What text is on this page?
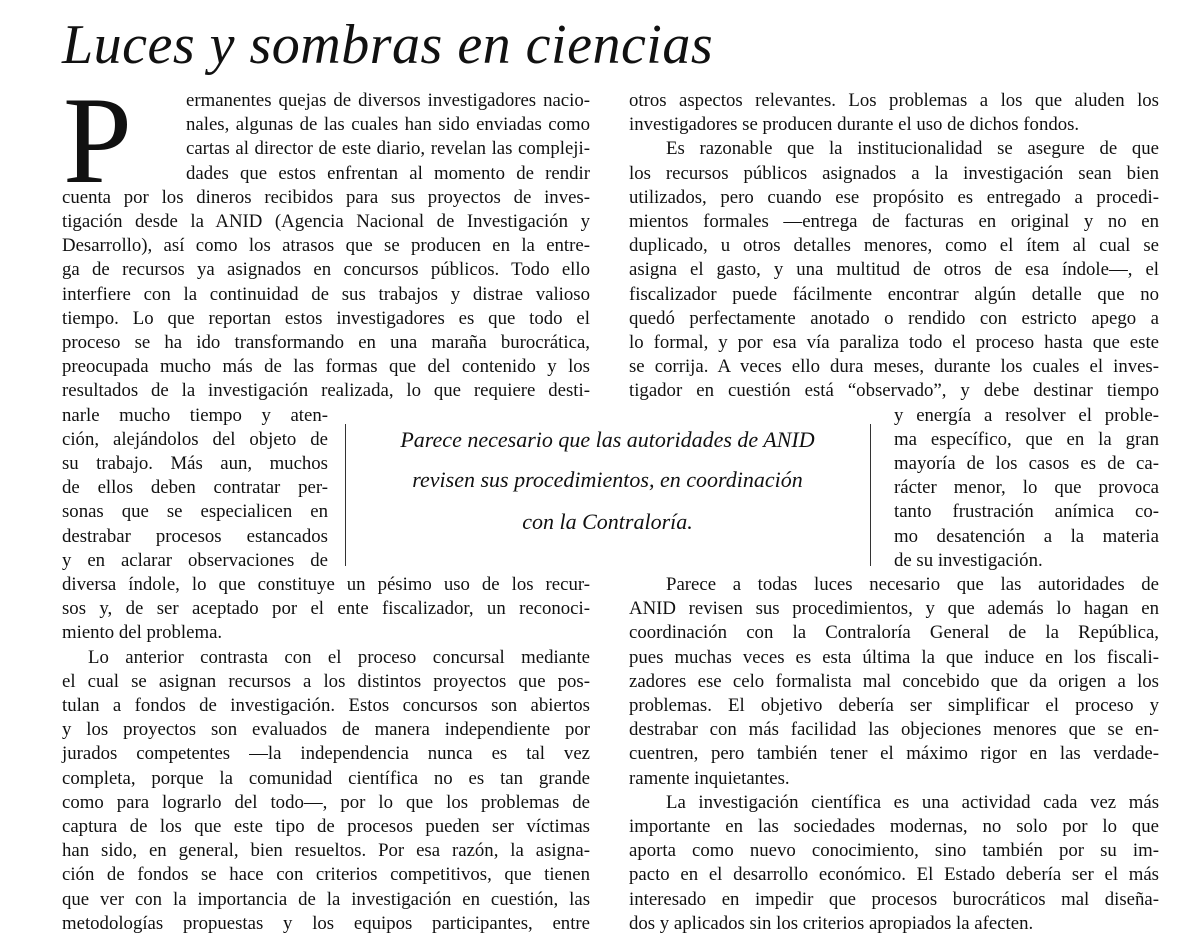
Luces y sombras en ciencias
P	ermanentes quejas de diversos investigadores nacio-
nales, algunas de las cuales han sido enviadas como
cartas al director de este diario, revelan las compleji-
dades que estos enfrentan al momento de rendir
cuenta por los dineros recibidos para sus proyectos de inves-
tigación desde la ANID (Agencia Nacional de Investigación y
Desarrollo), así como los atrasos que se producen en la entre-
ga de recursos ya asignados en concursos públicos. Todo ello
interfiere con la continuidad de sus trabajos y distrae valioso
tiempo. Lo que reportan estos investigadores es que todo el
proceso se ha ido transformando en una maraña burocrática,
preocupada mucho más de las formas que del contenido y los
resultados de la investigación realizada, lo que requiere desti-
narle mucho tiempo y aten-
ción, alejándolos del objeto de
su trabajo. Más aun, muchos
de ellos deben contratar per-
sonas que se especialicen en
destrabar procesos estancados
y en aclarar observaciones de
diversa índole, lo que constituye un pésimo uso de los recur-
sos y, de ser aceptado por el ente fiscalizador, un reconoci-
miento del problema.
Lo anterior contrasta con el proceso concursal mediante
el cual se asignan recursos a los distintos proyectos que pos-
tulan a fondos de investigación. Estos concursos son abiertos
y los proyectos son evaluados de manera independiente por
jurados competentes —la independencia nunca es tal vez
completa, porque la comunidad científica no es tan grande
como para lograrlo del todo—, por lo que los problemas de
captura de los que este tipo de procesos pueden ser víctimas
han sido, en general, bien resueltos. Por esa razón, la asigna-
ción de fondos se hace con criterios competitivos, que tienen
que ver con la importancia de la investigación en cuestión, las
metodologías propuestas y los equipos participantes, entre
otros aspectos relevantes. Los problemas a los que aluden los
investigadores se producen durante el uso de dichos fondos.
Es razonable que la institucionalidad se asegure de que
los recursos públicos asignados a la investigación sean bien
utilizados, pero cuando ese propósito es entregado a procedi-
mientos formales —entrega de facturas en original y no en
duplicado, u otros detalles menores, como el ítem al cual se
asigna el gasto, y una multitud de otros de esa índole—, el
fiscalizador puede fácilmente encontrar algún detalle que no
quedó perfectamente anotado o rendido con estricto apego a
lo formal, y por esa vía paraliza todo el proceso hasta que este
se corrija. A veces ello dura meses, durante los cuales el inves-
tigador en cuestión está “observado”, y debe destinar tiempo
y energía a resolver el proble-
ma específico, que en la gran
mayoría de los casos es de ca-
rácter menor, lo que provoca
tanto frustración anímica co-
mo desatención a la materia
de su investigación.
Parece a todas luces necesario que las autoridades de
ANID revisen sus procedimientos, y que además lo hagan en
coordinación con la Contraloría General de la República,
pues muchas veces es esta última la que induce en los fiscali-
zadores ese celo formalista mal concebido que da origen a los
problemas. El objetivo debería ser simplificar el proceso y
destrabar con más facilidad las objeciones menores que se en-
cuentren, pero también tener el máximo rigor en las verdade-
ramente inquietantes.
La investigación científica es una actividad cada vez más
importante en las sociedades modernas, no solo por lo que
aporta como nuevo conocimiento, sino también por su im-
pacto en el desarrollo económico. El Estado debería ser el más
interesado en impedir que procesos burocráticos mal diseña-
dos y aplicados sin los criterios apropiados la afecten.
Parece necesario que las autoridades de ANID
revisen sus procedimientos, en coordinación
con la Contraloría.
